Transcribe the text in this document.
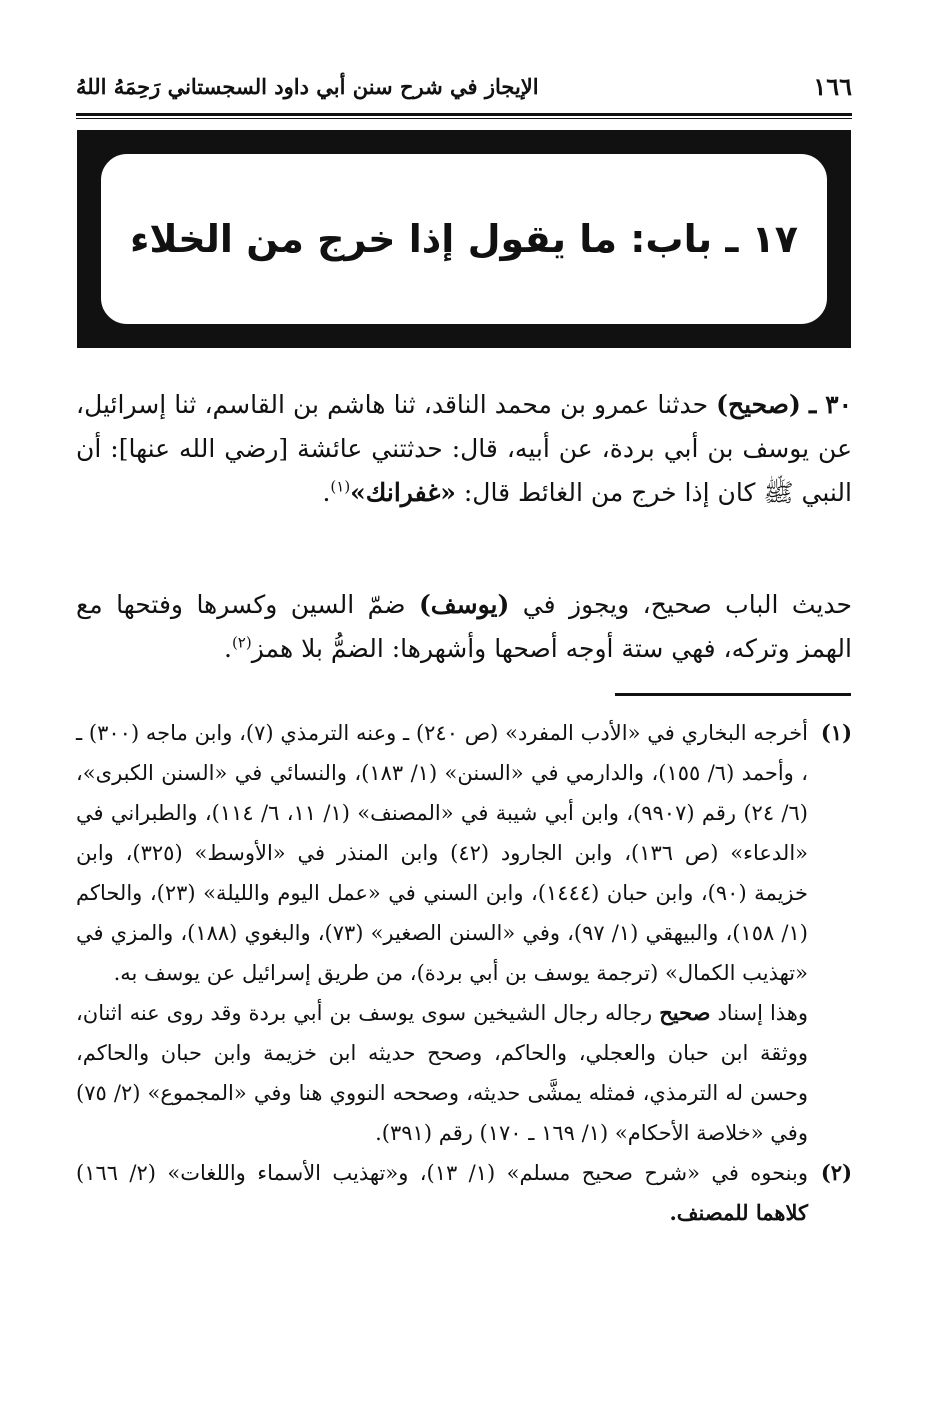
١٦٦
الإيجاز في شرح سنن أبي داود السجستاني رَحِمَهُ اللهُ
١٧ ـ باب: ما يقول إذا خرج من الخلاء
٣٠ ـ (صحيح) حدثنا عمرو بن محمد الناقد، ثنا هاشم بن القاسم، ثنا إسرائيل، عن يوسف بن أبي بردة، عن أبيه، قال: حدثتني عائشة [رضي الله عنها]: أن النبي ﷺ كان إذا خرج من الغائط قال: «غفرانك»$^{(١)}$.
حديث الباب صحيح، ويجوز في (يوسف) ضمّ السين وكسرها وفتحها مع الهمز وتركه، فهي ستة أوجه أصحها وأشهرها: الضمُّ بلا همز$^{(٢)}$.
(١)
أخرجه البخاري في «الأدب المفرد» (ص ٢٤٠) ـ وعنه الترمذي (٧)، وابن ماجه (٣٠٠) ـ ، وأحمد (٦/ ١٥٥)، والدارمي في «السنن» (١/ ١٨٣)، والنسائي في «السنن الكبرى»، (٦/ ٢٤) رقم (٩٩٠٧)، وابن أبي شيبة في «المصنف» (١/ ١١، ٦/ ١١٤)، والطبراني في «الدعاء» (ص ١٣٦)، وابن الجارود (٤٢) وابن المنذر في «الأوسط» (٣٢٥)، وابن خزيمة (٩٠)، وابن حبان (١٤٤٤)، وابن السني في «عمل اليوم والليلة» (٢٣)، والحاكم (١/ ١٥٨)، والبيهقي (١/ ٩٧)، وفي «السنن الصغير» (٧٣)، والبغوي (١٨٨)، والمزي في «تهذيب الكمال» (ترجمة يوسف بن أبي بردة)، من طريق إسرائيل عن يوسف به.
وهذا إسناد صحيح رجاله رجال الشيخين سوى يوسف بن أبي بردة وقد روى عنه اثنان، ووثقة ابن حبان والعجلي، والحاكم، وصحح حديثه ابن خزيمة وابن حبان والحاكم، وحسن له الترمذي، فمثله يمشَّى حديثه، وصححه النووي هنا وفي «المجموع» (٢/ ٧٥) وفي «خلاصة الأحكام» (١/ ١٦٩ ـ ١٧٠) رقم (٣٩١).
(٢)
وبنحوه في «شرح صحيح مسلم» (١/ ١٣)، و«تهذيب الأسماء واللغات» (٢/ ١٦٦) كلاهما للمصنف.
